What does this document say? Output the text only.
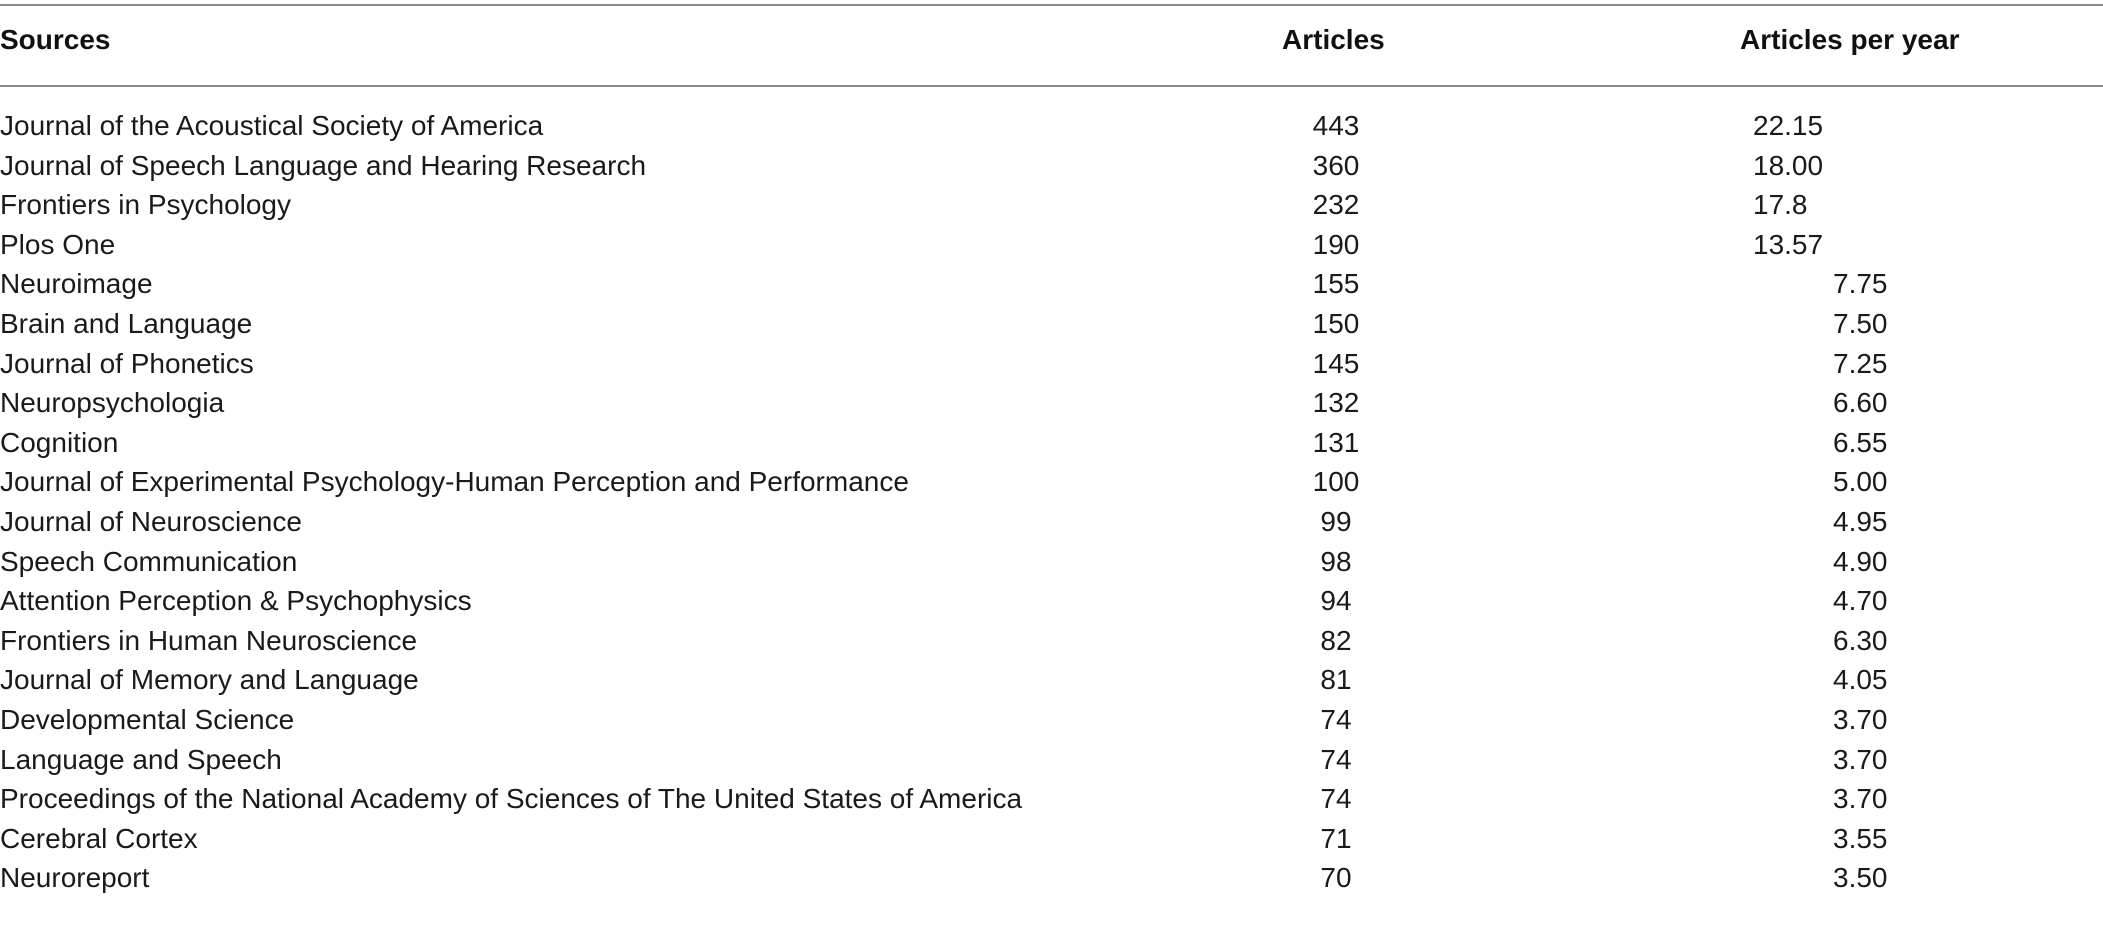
Sources	Articles	Articles per year
Journal of the Acoustical Society of America	443	22.15
Journal of Speech Language and Hearing Research	360	18.00
Frontiers in Psychology	232	17.8
Plos One	190	13.57
Neuroimage	155	7.75
Brain and Language	150	7.50
Journal of Phonetics	145	7.25
Neuropsychologia	132	6.60
Cognition	131	6.55
Journal of Experimental Psychology-Human Perception and Performance	100	5.00
Journal of Neuroscience	99	4.95
Speech Communication	98	4.90
Attention Perception & Psychophysics	94	4.70
Frontiers in Human Neuroscience	82	6.30
Journal of Memory and Language	81	4.05
Developmental Science	74	3.70
Language and Speech	74	3.70
Proceedings of the National Academy of Sciences of The United States of America	74	3.70
Cerebral Cortex	71	3.55
Neuroreport	70	3.50
